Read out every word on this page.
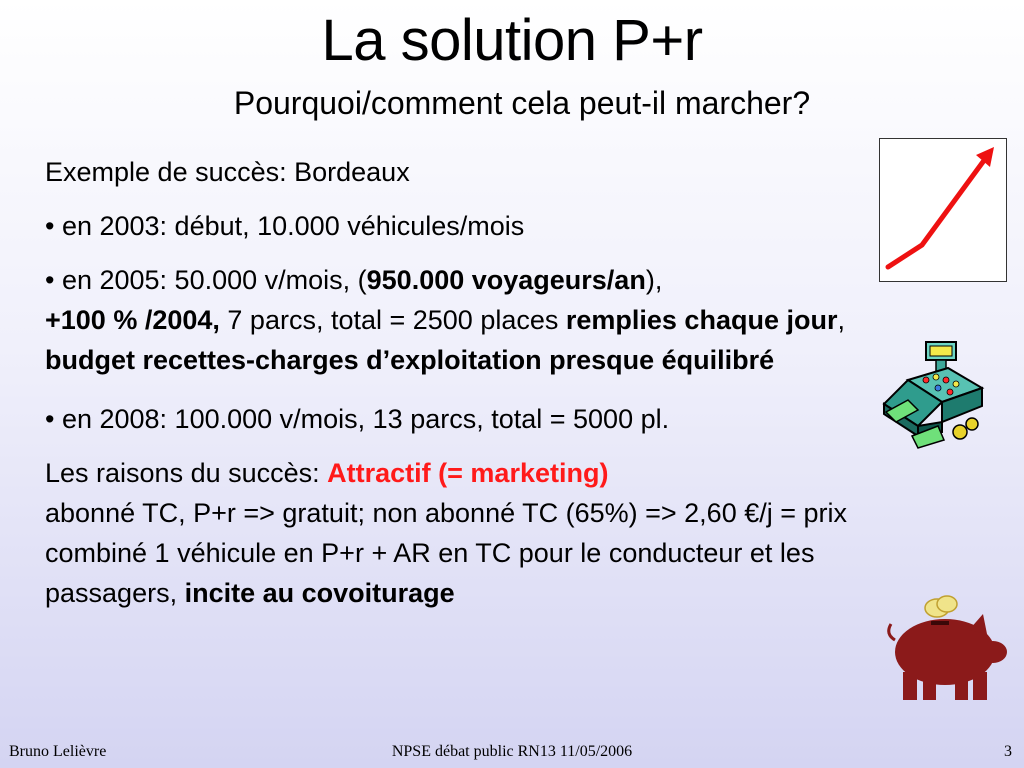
La solution P+r
Pourquoi/comment cela peut-il marcher?

Exemple de succès: Bordeaux

• en 2003: début, 10.000 véhicules/mois

• en 2005: 50.000 v/mois, (950.000 voyageurs/an),
+100 % /2004, 7 parcs, total = 2500 places remplies chaque jour, budget recettes-charges d’exploitation presque équilibré

• en 2008: 100.000 v/mois, 13 parcs, total = 5000 pl.

Les raisons du succès: Attractif (= marketing)
abonné TC, P+r => gratuit; non abonné TC (65%) => 2,60 €/j = prix combiné 1 véhicule en P+r + AR en TC pour le conducteur et les passagers, incite au covoiturage

Bruno Lelièvre	NPSE débat public RN13 11/05/2006	3
